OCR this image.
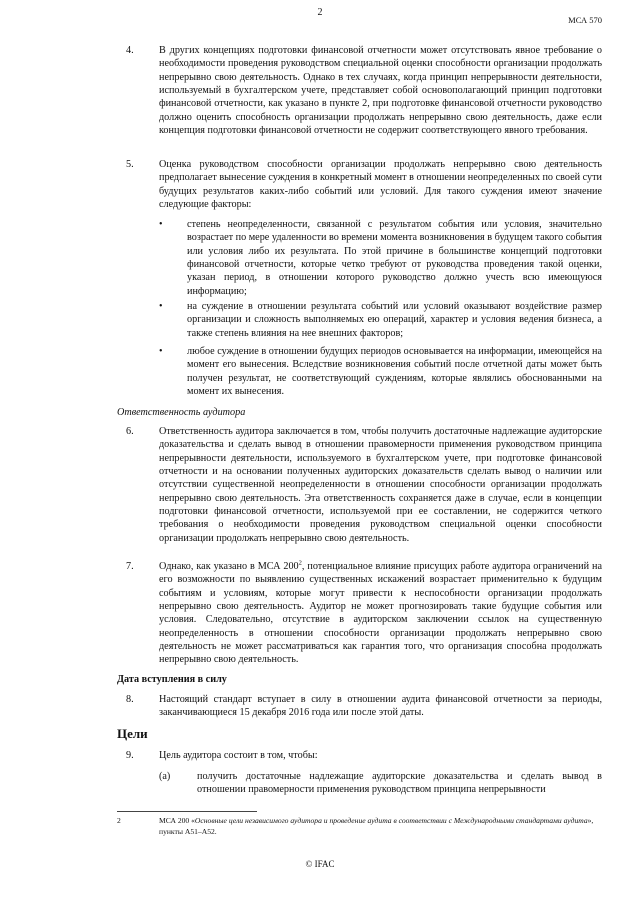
2
МСА 570
4. В других концепциях подготовки финансовой отчетности может отсутствовать явное требование о необходимости проведения руководством специальной оценки способности организации продолжать непрерывно свою деятельность. Однако в тех случаях, когда принцип непрерывности деятельности, используемый в бухгалтерском учете, представляет собой основополагающий принцип подготовки финансовой отчетности, как указано в пункте 2, при подготовке финансовой отчетности руководство должно оценить способность организации продолжать непрерывно свою деятельность, даже если концепция подготовки финансовой отчетности не содержит соответствующего явного требования.
5. Оценка руководством способности организации продолжать непрерывно свою деятельность предполагает вынесение суждения в конкретный момент в отношении неопределенных по своей сути будущих результатов каких-либо событий или условий. Для такого суждения имеют значение следующие факторы:
• степень неопределенности, связанной с результатом события или условия, значительно возрастает по мере удаленности во времени момента возникновения в будущем такого события или условия либо их результата. По этой причине в большинстве концепций подготовки финансовой отчетности, которые четко требуют от руководства проведения такой оценки, указан период, в отношении которого руководство должно учесть всю имеющуюся информацию;
• на суждение в отношении результата событий или условий оказывают воздействие размер организации и сложность выполняемых ею операций, характер и условия ведения бизнеса, а также степень влияния на нее внешних факторов;
• любое суждение в отношении будущих периодов основывается на информации, имеющейся на момент его вынесения. Вследствие возникновения событий после отчетной даты может быть получен результат, не соответствующий суждениям, которые являлись обоснованными на момент их вынесения.
Ответственность аудитора
6. Ответственность аудитора заключается в том, чтобы получить достаточные надлежащие аудиторские доказательства и сделать вывод в отношении правомерности применения руководством принципа непрерывности деятельности, используемого в бухгалтерском учете, при подготовке финансовой отчетности и на основании полученных аудиторских доказательств сделать вывод о наличии или отсутствии существенной неопределенности в отношении способности организации продолжать непрерывно свою деятельность. Эта ответственность сохраняется даже в случае, если в концепции подготовки финансовой отчетности, используемой при ее составлении, не содержится четкого требования о необходимости проведения руководством специальной оценки способности организации продолжать непрерывно свою деятельность.
7. Однако, как указано в МСА $200^2$, потенциальное влияние присущих работе аудитора ограничений на его возможности по выявлению существенных искажений возрастает применительно к будущим событиям и условиям, которые могут привести к неспособности организации продолжать непрерывно свою деятельность. Аудитор не может прогнозировать такие будущие события или условия. Следовательно, отсутствие в аудиторском заключении ссылок на существенную неопределенность в отношении способности организации продолжать непрерывно свою деятельность не может рассматриваться как гарантия того, что организация способна продолжать непрерывно свою деятельность.
Дата вступления в силу
8. Настоящий стандарт вступает в силу в отношении аудита финансовой отчетности за периоды, заканчивающиеся 15 декабря 2016 года или после этой даты.
Цели
9. Цель аудитора состоит в том, чтобы:
(a)	получить достаточные надлежащие аудиторские доказательства и сделать вывод в отношении правомерности применения руководством принципа непрерывности
2	МСА 200 «Основные цели независимого аудитора и проведение аудита в соответствии с Международными стандартами аудита», пункты А51–А52.
© IFAC
